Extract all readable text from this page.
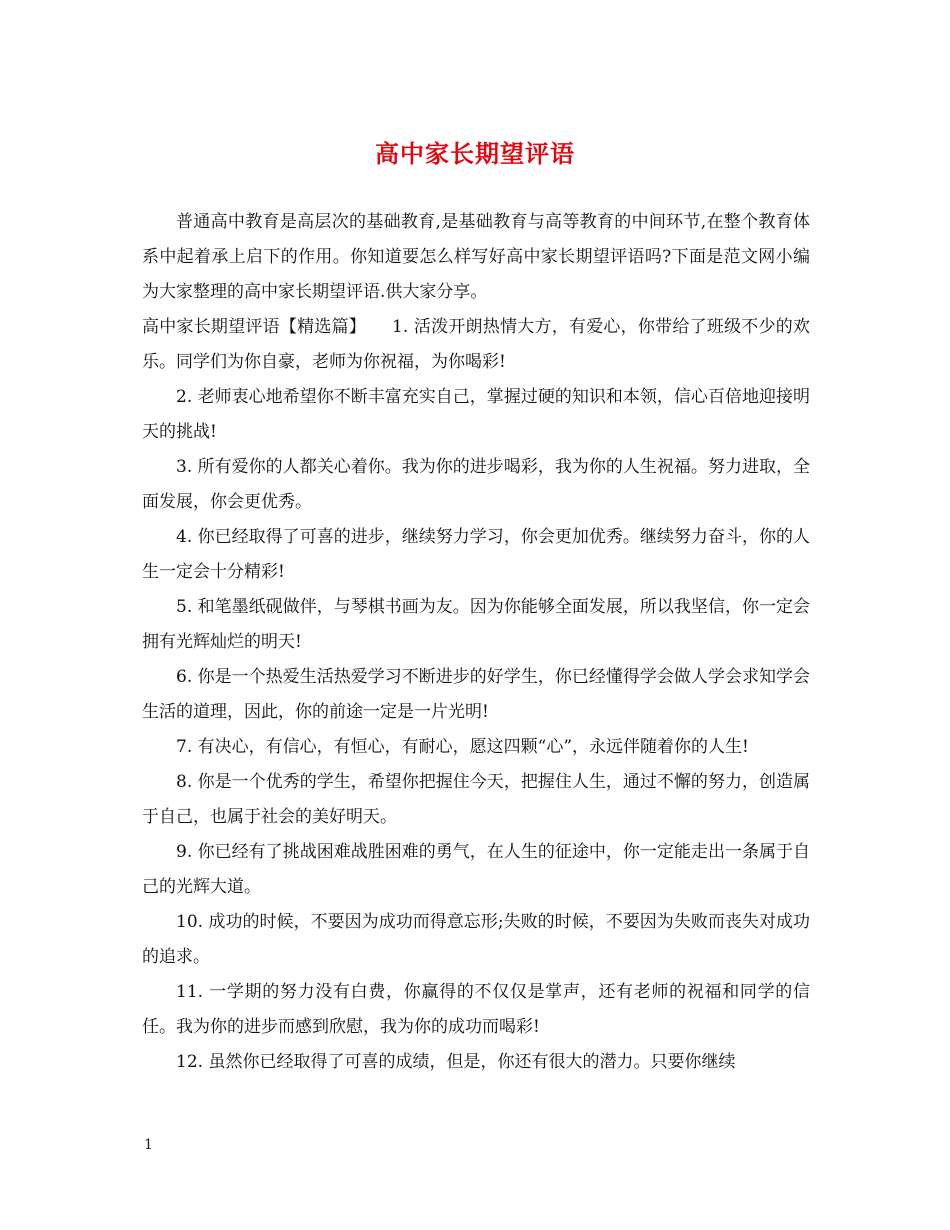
高中家长期望评语

普通高中教育是高层次的基础教育,是基础教育与高等教育的中间环节,在整个教育体系中起着承上启下的作用。你知道要怎么样写好高中家长期望评语吗?下面是范文网小编为大家整理的高中家长期望评语.供大家分享。

高中家长期望评语【精选篇】　　1. 活泼开朗热情大方，有爱心，你带给了班级不少的欢乐。同学们为你自豪，老师为你祝福，为你喝彩!

2. 老师衷心地希望你不断丰富充实自己，掌握过硬的知识和本领，信心百倍地迎接明天的挑战!

3. 所有爱你的人都关心着你。我为你的进步喝彩，我为你的人生祝福。努力进取，全面发展，你会更优秀。

4. 你已经取得了可喜的进步，继续努力学习，你会更加优秀。继续努力奋斗，你的人生一定会十分精彩!

5. 和笔墨纸砚做伴，与琴棋书画为友。因为你能够全面发展，所以我坚信，你一定会拥有光辉灿烂的明天!

6. 你是一个热爱生活热爱学习不断进步的好学生，你已经懂得学会做人学会求知学会生活的道理，因此，你的前途一定是一片光明!

7. 有决心，有信心，有恒心，有耐心，愿这四颗“心”，永远伴随着你的人生!

8. 你是一个优秀的学生，希望你把握住今天，把握住人生，通过不懈的努力，创造属于自己，也属于社会的美好明天。

9. 你已经有了挑战困难战胜困难的勇气，在人生的征途中，你一定能走出一条属于自己的光辉大道。

10. 成功的时候，不要因为成功而得意忘形;失败的时候，不要因为失败而丧失对成功的追求。

11. 一学期的努力没有白费，你赢得的不仅仅是掌声，还有老师的祝福和同学的信任。我为你的进步而感到欣慰，我为你的成功而喝彩!

12. 虽然你已经取得了可喜的成绩，但是，你还有很大的潜力。只要你继续

1
